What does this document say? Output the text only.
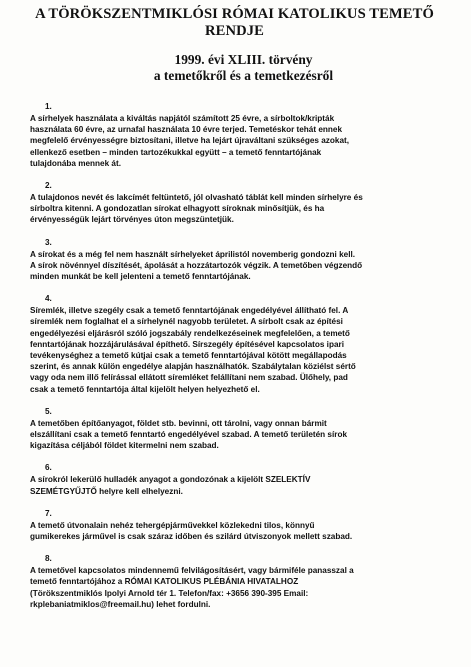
A TÖRÖKSZENTMIKLÓSI RÓMAI KATOLIKUS TEMETŐ
RENDJE
1999. évi XLIII. törvény
a temetőkről és a temetkezésről
1.
A sírhelyek használata a kiváltás napjától számított 25 évre, a sírboltok/kripták
használata 60 évre, az urnafal használata 10 évre terjed. Temetéskor tehát ennek
megfelelő érvényességre biztosítani, illetve ha lejárt újraváltani szükséges azokat,
ellenkező esetben – minden tartozékukkal együtt – a temető fenntartójának
tulajdonába mennek át.
2.
A tulajdonos nevét és lakcímét feltüntető, jól olvasható táblát kell minden sírhelyre és
sírboltra kitenni. A gondozatlan sírokat elhagyott síroknak minősítjük, és ha
érvényességük lejárt törvényes úton megszüntetjük.
3.
A sírokat és a még fel nem használt sírhelyeket áprilistól novemberig gondozni kell.
A sírok növénnyel díszítését, ápolását a hozzátartozók végzik. A temetőben végzendő
minden munkát be kell jelenteni a temető fenntartójának.
4.
Síremlék, illetve szegély csak a temető fenntartójának engedélyével állítható fel. A
síremlék nem foglalhat el a sírhelynél nagyobb területet. A sírbolt csak az építési
engedélyezési eljárásról szóló jogszabály rendelkezéseinek megfelelően, a temető
fenntartójának hozzájárulásával építhető. Sírszegély építésével kapcsolatos ipari
tevékenységhez a temető kútjai csak a temető fenntartójával kötött megállapodás
szerint, és annak külön engedélye alapján használhatók. Szabálytalan köziélst sértő
vagy oda nem illő felírással ellátott síremléket felállítani nem szabad. Ülőhely, pad
csak a temető fenntartója által kijelölt helyen helyezhető el.
5.
A temetőben építőanyagot, földet stb. bevinni, ott tárolni, vagy onnan bármit
elszállítani csak a temető fenntartó engedélyével szabad. A temető területén sírok
kigazítása céljából földet kitermelni nem szabad.
6.
A sírokról lekerülő hulladék anyagot a gondozónak a kijelölt SZELEKTÍV
SZEMÉTGYŰJTŐ helyre kell elhelyezni.
7.
A temető útvonalain nehéz tehergépjárművekkel közlekedni tilos, könnyű
gumikerekes járművel is csak száraz időben és szilárd útviszonyok mellett szabad.
8.
A temetővel kapcsolatos mindennemű felvilágosításért, vagy bármiféle panasszal a
temető fenntartójához a RÓMAI KATOLIKUS PLÉBÁNIA HIVATALHOZ
(Törökszentmiklós Ipolyi Arnold tér 1. Telefon/fax: +3656 390-395 Email:
rkplebaniatmiklos@freemail.hu) lehet fordulni.
